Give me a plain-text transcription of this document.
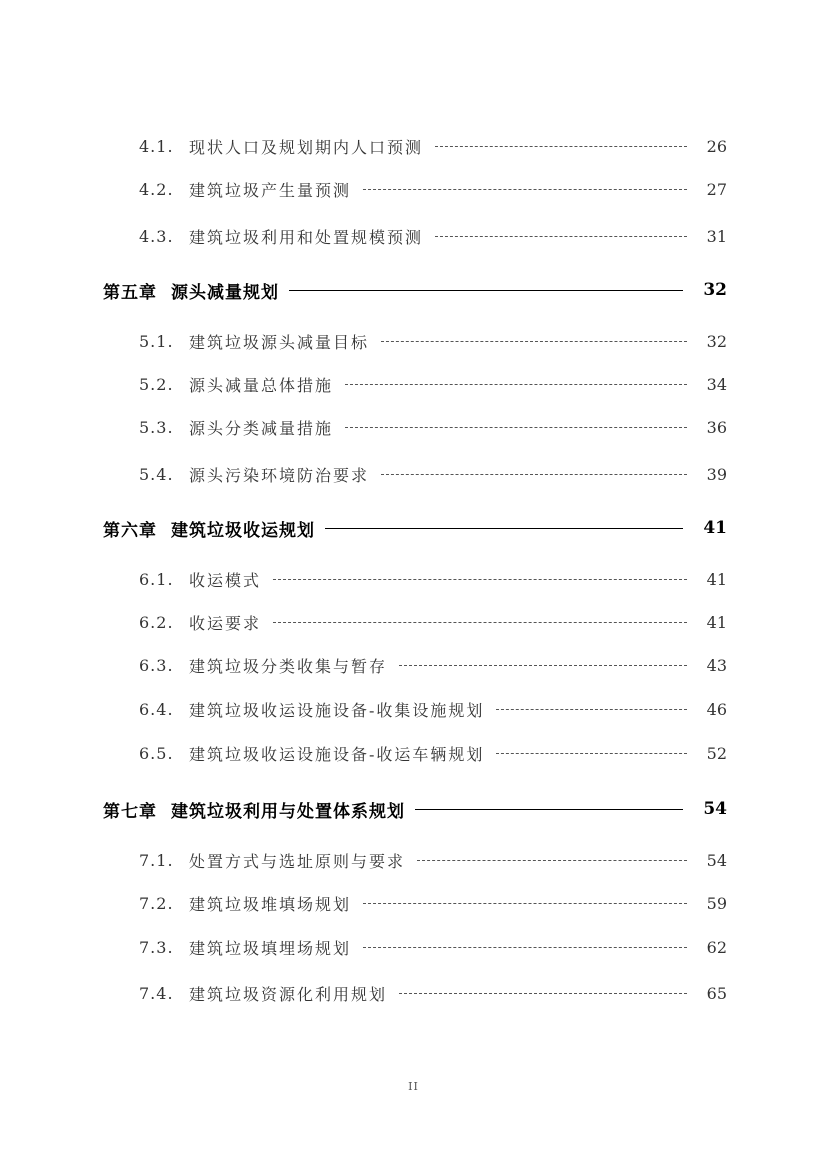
4.1. 现状人口及规划期内人口预测	26
4.2. 建筑垃圾产生量预测	27
4.3. 建筑垃圾利用和处置规模预测	31
第五章 源头减量规划	32
5.1. 建筑垃圾源头减量目标	32
5.2. 源头减量总体措施	34
5.3. 源头分类减量措施	36
5.4. 源头污染环境防治要求	39
第六章 建筑垃圾收运规划	41
6.1. 收运模式	41
6.2. 收运要求	41
6.3. 建筑垃圾分类收集与暂存	43
6.4. 建筑垃圾收运设施设备-收集设施规划	46
6.5. 建筑垃圾收运设施设备-收运车辆规划	52
第七章 建筑垃圾利用与处置体系规划	54
7.1. 处置方式与选址原则与要求	54
7.2. 建筑垃圾堆填场规划	59
7.3. 建筑垃圾填埋场规划	62
7.4. 建筑垃圾资源化利用规划	65
II
